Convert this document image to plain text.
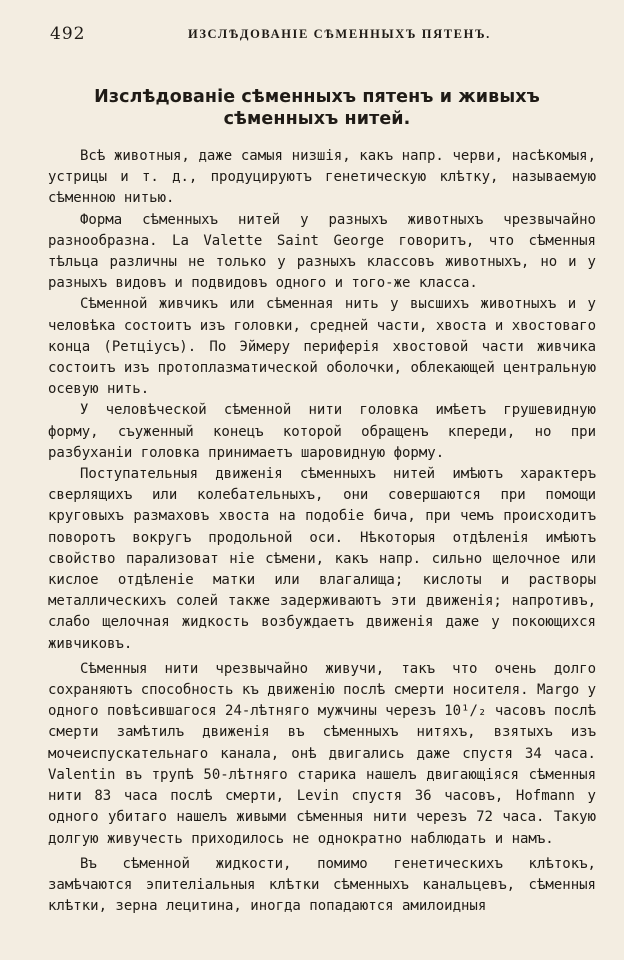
492	ИЗСЛѢДОВАНІЕ СѢМЕННЫХЪ ПЯТЕНЪ.
Изслѣдованіе сѣменныхъ пятенъ и живыхъ сѣменныхъ нитей.

Всѣ животныя, даже самыя низшія, какъ напр. черви, насѣкомыя, устрицы и т. д., продуцируютъ генетическую клѣтку, называемую сѣменною нитью.

Форма сѣменныхъ нитей у разныхъ животныхъ чрезвычайно разнообразна. La Valette Saint George говоритъ, что сѣменныя тѣльца различны не только у разныхъ классовъ животныхъ, но и у разныхъ видовъ и подвидовъ одного и того-же класса.

Сѣменной живчикъ или сѣменная нить у высшихъ животныхъ и у человѣка состоитъ изъ головки, средней части, хвоста и хвостоваго конца (Ретціусъ). По Эймеру периферія хвостовой части живчика состоитъ изъ протоплазматической оболочки, облекающей центральную осевую нить.

У человѣческой сѣменной нити головка имѣетъ грушевидную форму, съуженный конецъ которой обращенъ кпереди, но при разбуханіи головка принимаетъ шаровидную форму.

Поступательныя движенія сѣменныхъ нитей имѣютъ характеръ сверлящихъ или колебательныхъ, они совершаются при помощи круговыхъ размаховъ хвоста на подобіе бича, при чемъ происходитъ поворотъ вокругъ продольной оси. Нѣкоторыя отдѣленія имѣютъ свойство парализоват ніе сѣмени, какъ напр. сильно щелочное или кислое отдѣленіе матки или влагалища; кислоты и растворы металлическихъ солей также задерживаютъ эти движенія; напротивъ, слабо щелочная жидкость возбуждаетъ движенія даже у покоющихся живчиковъ.

Сѣменныя нити чрезвычайно живучи, такъ что очень долго сохраняютъ способность къ движенію послѣ смерти носителя. Margo у одного повѣсившагося 24-лѣтняго мужчины черезъ 10¹/₂ часовъ послѣ смерти замѣтилъ движенія въ сѣменныхъ нитяхъ, взятыхъ изъ мочеиспускательнаго канала, онѣ двигались даже спустя 34 часа. Valentin въ трупѣ 50-лѣтняго старика нашелъ двигающіяся сѣменныя нити 83 часа послѣ смерти, Levin спустя 36 часовъ, Hofmann у одного убитаго нашелъ живыми сѣменныя нити черезъ 72 часа. Такую долгую живучесть приходилось не однократно наблюдать и намъ.

Въ сѣменной жидкости, помимо генетическихъ клѣтокъ, замѣчаются эпителіальныя клѣтки сѣменныхъ канальцевъ, сѣменныя клѣтки, зерна лецитина, иногда попадаются амилоидныя
